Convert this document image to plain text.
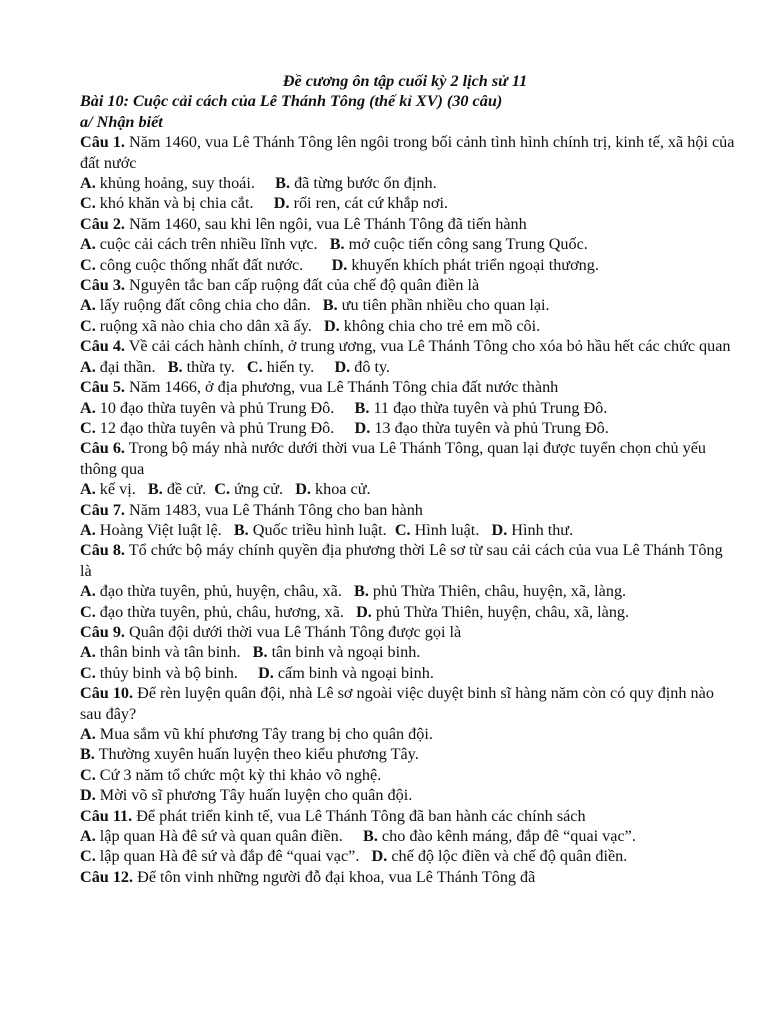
Đề cương ôn tập cuối kỳ 2 lịch sử 11
Bài 10: Cuộc cải cách của Lê Thánh Tông (thế kỉ XV) (30 câu)
a/ Nhận biết
Câu 1. Năm 1460, vua Lê Thánh Tông lên ngôi trong bối cảnh tình hình chính trị, kinh tế, xã hội của đất nước
A. khủng hoảng, suy thoái.     B. đã từng bước ổn định.
C. khó khăn và bị chia cắt.     D. rối ren, cát cứ khắp nơi.
Câu 2. Năm 1460, sau khi lên ngôi, vua Lê Thánh Tông đã tiến hành
A. cuộc cải cách trên nhiều lĩnh vực.   B. mở cuộc tiến công sang Trung Quốc.
C. công cuộc thống nhất đất nước.       D. khuyến khích phát triển ngoại thương.
Câu 3. Nguyên tắc ban cấp ruộng đất của chế độ quân điền là
A. lấy ruộng đất công chia cho dân.   B. ưu tiên phần nhiều cho quan lại.
C. ruộng xã nào chia cho dân xã ấy.   D. không chia cho trẻ em mồ côi.
Câu 4. Về cải cách hành chính, ở trung ương, vua Lê Thánh Tông cho xóa bỏ hầu hết các chức quan
A. đại thần.   B. thừa ty.   C. hiến ty.     D. đô ty.
Câu 5. Năm 1466, ở địa phương, vua Lê Thánh Tông chia đất nước thành
A. 10 đạo thừa tuyên và phủ Trung Đô.     B. 11 đạo thừa tuyên và phủ Trung Đô.
C. 12 đạo thừa tuyên và phủ Trung Đô.     D. 13 đạo thừa tuyên và phủ Trung Đô.
Câu 6. Trong bộ máy nhà nước dưới thời vua Lê Thánh Tông, quan lại được tuyển chọn chủ yếu thông qua
A. kế vị.   B. đề cử.  C. ứng cử.   D. khoa cử.
Câu 7. Năm 1483, vua Lê Thánh Tông cho ban hành
A. Hoàng Việt luật lệ.   B. Quốc triều hình luật.  C. Hình luật.   D. Hình thư.
Câu 8. Tổ chức bộ máy chính quyền địa phương thời Lê sơ từ sau cải cách của vua Lê Thánh Tông là
A. đạo thừa tuyên, phủ, huyện, châu, xã.   B. phủ Thừa Thiên, châu, huyện, xã, làng.
C. đạo thừa tuyên, phủ, châu, hương, xã.   D. phủ Thừa Thiên, huyện, châu, xã, làng.
Câu 9. Quân đội dưới thời vua Lê Thánh Tông được gọi là
A. thân binh và tân binh.   B. tân binh và ngoại binh.
C. thủy binh và bộ binh.     D. cấm binh và ngoại binh.
Câu 10. Để rèn luyện quân đội, nhà Lê sơ ngoài việc duyệt binh sĩ hàng năm còn có quy định nào sau đây?
A. Mua sắm vũ khí phương Tây trang bị cho quân đội.
B. Thường xuyên huấn luyện theo kiểu phương Tây.
C. Cứ 3 năm tổ chức một kỳ thi khảo võ nghệ.
D. Mời võ sĩ phương Tây huấn luyện cho quân đội.
Câu 11. Để phát triển kinh tế, vua Lê Thánh Tông đã ban hành các chính sách
A. lập quan Hà đê sứ và quan quân điền.     B. cho đào kênh máng, đắp đê “quai vạc”.
C. lập quan Hà đê sứ và đắp đê “quai vạc”.   D. chế độ lộc điền và chế độ quân điền.
Câu 12. Để tôn vinh những người đỗ đại khoa, vua Lê Thánh Tông đã
